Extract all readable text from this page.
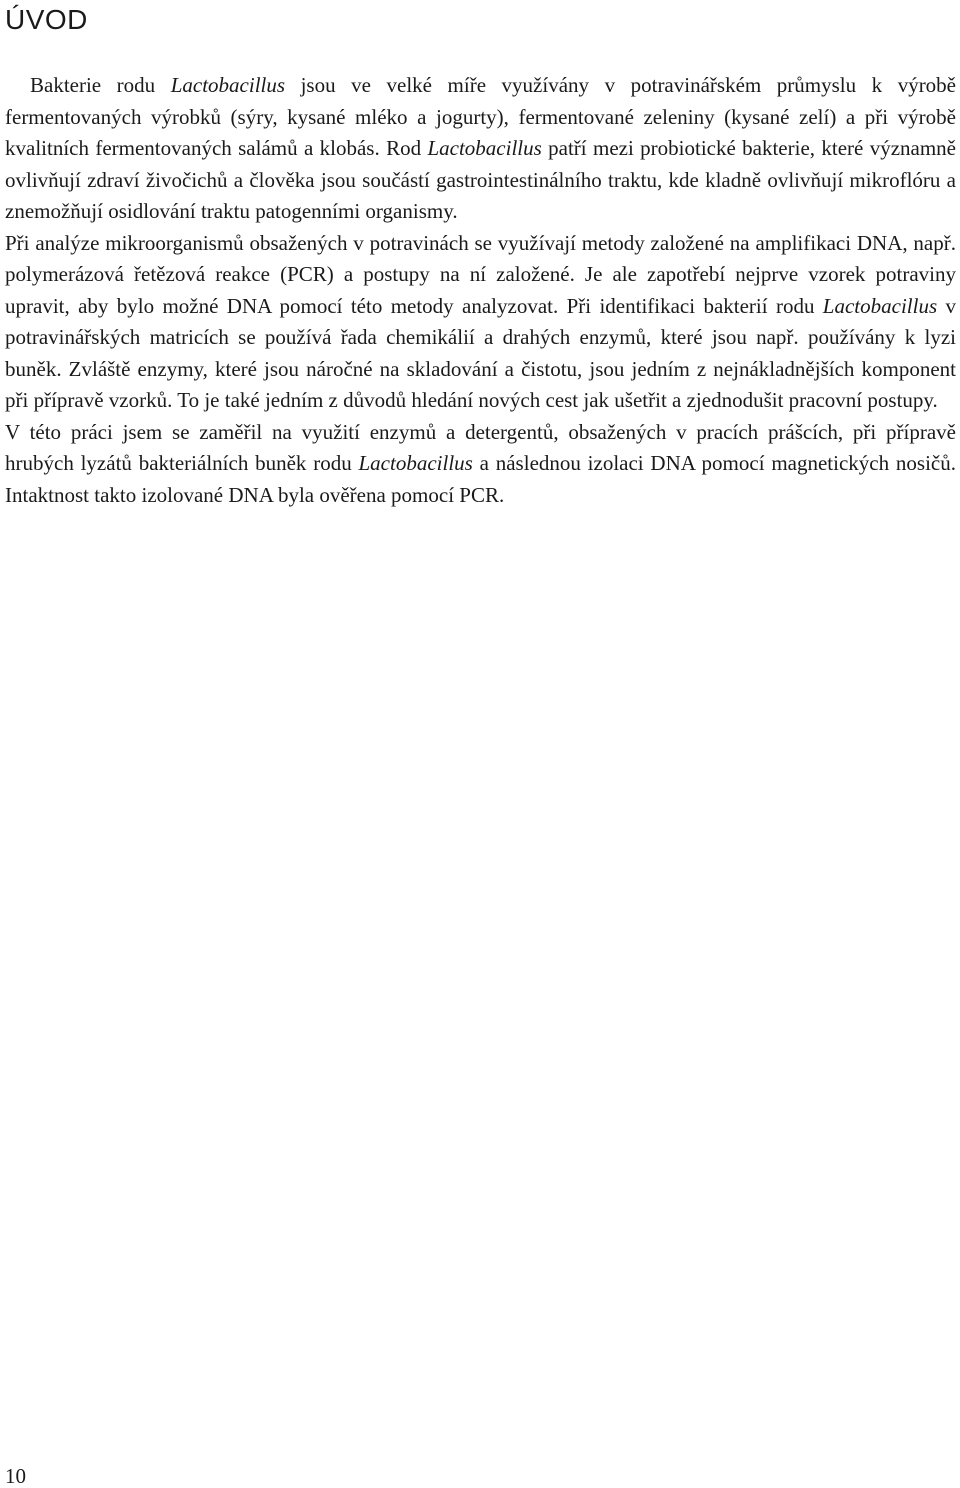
ÚVOD

Bakterie rodu Lactobacillus jsou ve velké míře využívány v potravinářském průmyslu k výrobě fermentovaných výrobků (sýry, kysané mléko a jogurty), fermentované zeleniny (kysané zelí) a při výrobě kvalitních fermentovaných salámů a klobás. Rod Lactobacillus patří mezi probiotické bakterie, které významně ovlivňují zdraví živočichů a člověka jsou součástí gastrointestinálního traktu, kde kladně ovlivňují mikroflóru a znemožňují osidlování traktu patogenními organismy.

Při analýze mikroorganismů obsažených v potravinách se využívají metody založené na amplifikaci DNA, např. polymerázová řetězová reakce (PCR) a postupy na ní založené. Je ale zapotřebí nejprve vzorek potraviny upravit, aby bylo možné DNA pomocí této metody analyzovat. Při identifikaci bakterií rodu Lactobacillus v potravinářských matricích se používá řada chemikálií a drahých enzymů, které jsou např. používány k lyzi buněk. Zvláště enzymy, které jsou náročné na skladování a čistotu, jsou jedním z nejnákladnějších komponent při přípravě vzorků. To je také jedním z důvodů hledání nových cest jak ušetřit a zjednodušit pracovní postupy.

V této práci jsem se zaměřil na využití enzymů a detergentů, obsažených v pracích prášcích, při přípravě hrubých lyzátů bakteriálních buněk rodu Lactobacillus a následnou izolaci DNA pomocí magnetických nosičů. Intaktnost takto izolované DNA byla ověřena pomocí PCR.

10
